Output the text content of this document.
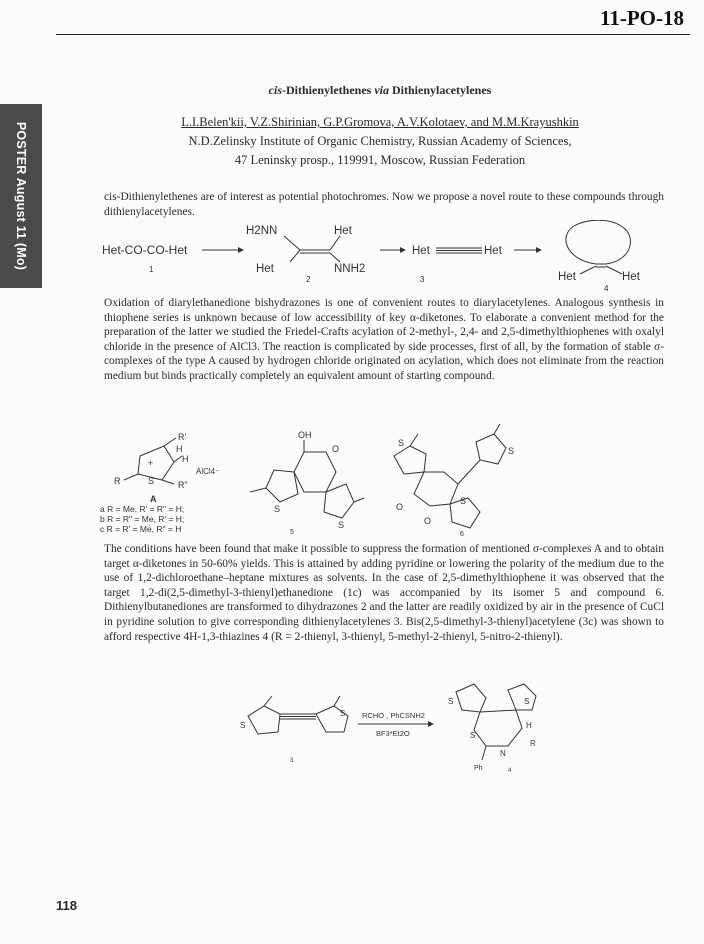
POSTER August 11 (Mo)
11-PO-18
cis-Dithienylethenes via Dithienylacetylenes
L.I.Belen'kii, V.Z.Shirinian, G.P.Gromova, A.V.Kolotaev, and M.M.Krayushkin
N.D.Zelinsky Institute of Organic Chemistry, Russian Academy of Sciences,
47 Leninsky prosp., 119991, Moscow, Russian Federation
cis-Dithienylethenes are of interest as potential photochromes. Now we propose a novel route to these compounds through dithienylacetylenes.
Het-CO-CO-Het
1
H2NN	Het
Het	NNH2
2
Het	Het
3	Het	Het
4
Oxidation of diarylethanedione bishydrazones is one of convenient routes to diarylacetylenes. Analogous synthesis in thiophene series is unknown because of low accessibility of key α-diketones. To elaborate a convenient method for the preparation of the latter we studied the Friedel-Crafts acylation of 2-methyl-, 2,4- and 2,5-dimethylthiophenes with oxalyl chloride in the presence of AlCl3. The reaction is complicated by side processes, first of all, by the formation of stable σ-complexes of the type A caused by hydrogen chloride originated on acylation, which does not eliminate from the reaction medium but binds practically completely an equivalent amount of starting compound.
R'
H
+	H
R	S	R"
AlCl4⁻
A
a R = Me, R' = R" = H;
b R = R" = Me, R' = H;
c R = R' = Me, R" = H
OH
O
S
S
5
S
S
O
O
S
6
The conditions have been found that make it possible to suppress the formation of mentioned σ-complexes A and to obtain target α-diketones in 50-60% yields. This is attained by adding pyridine or lowering the polarity of the medium due to the use of 1,2-dichloroethane–heptane mixtures as solvents. In the case of 2,5-dimethylthiophene it was observed that the target 1,2-di(2,5-dimethyl-3-thienyl)ethanedione (1c) was accompanied by its isomer 5 and compound 6. Dithienylbutanediones are transformed to dihydrazones 2 and the latter are readily oxidized by air in the presence of CuCl in pyridine solution to give corresponding dithienylacetylenes 3. Bis(2,5-dimethyl-3-thienyl)acetylene (3c) was shown to afford respective 4H-1,3-thiazines 4 (R = 2-thienyl, 3-thienyl, 5-methyl-2-thienyl, 5-nitro-2-thienyl).
S
S
3
RCHO , PhCSNH2
BF3*Et2O
S	S
S
H
N
R
Ph	4
118
